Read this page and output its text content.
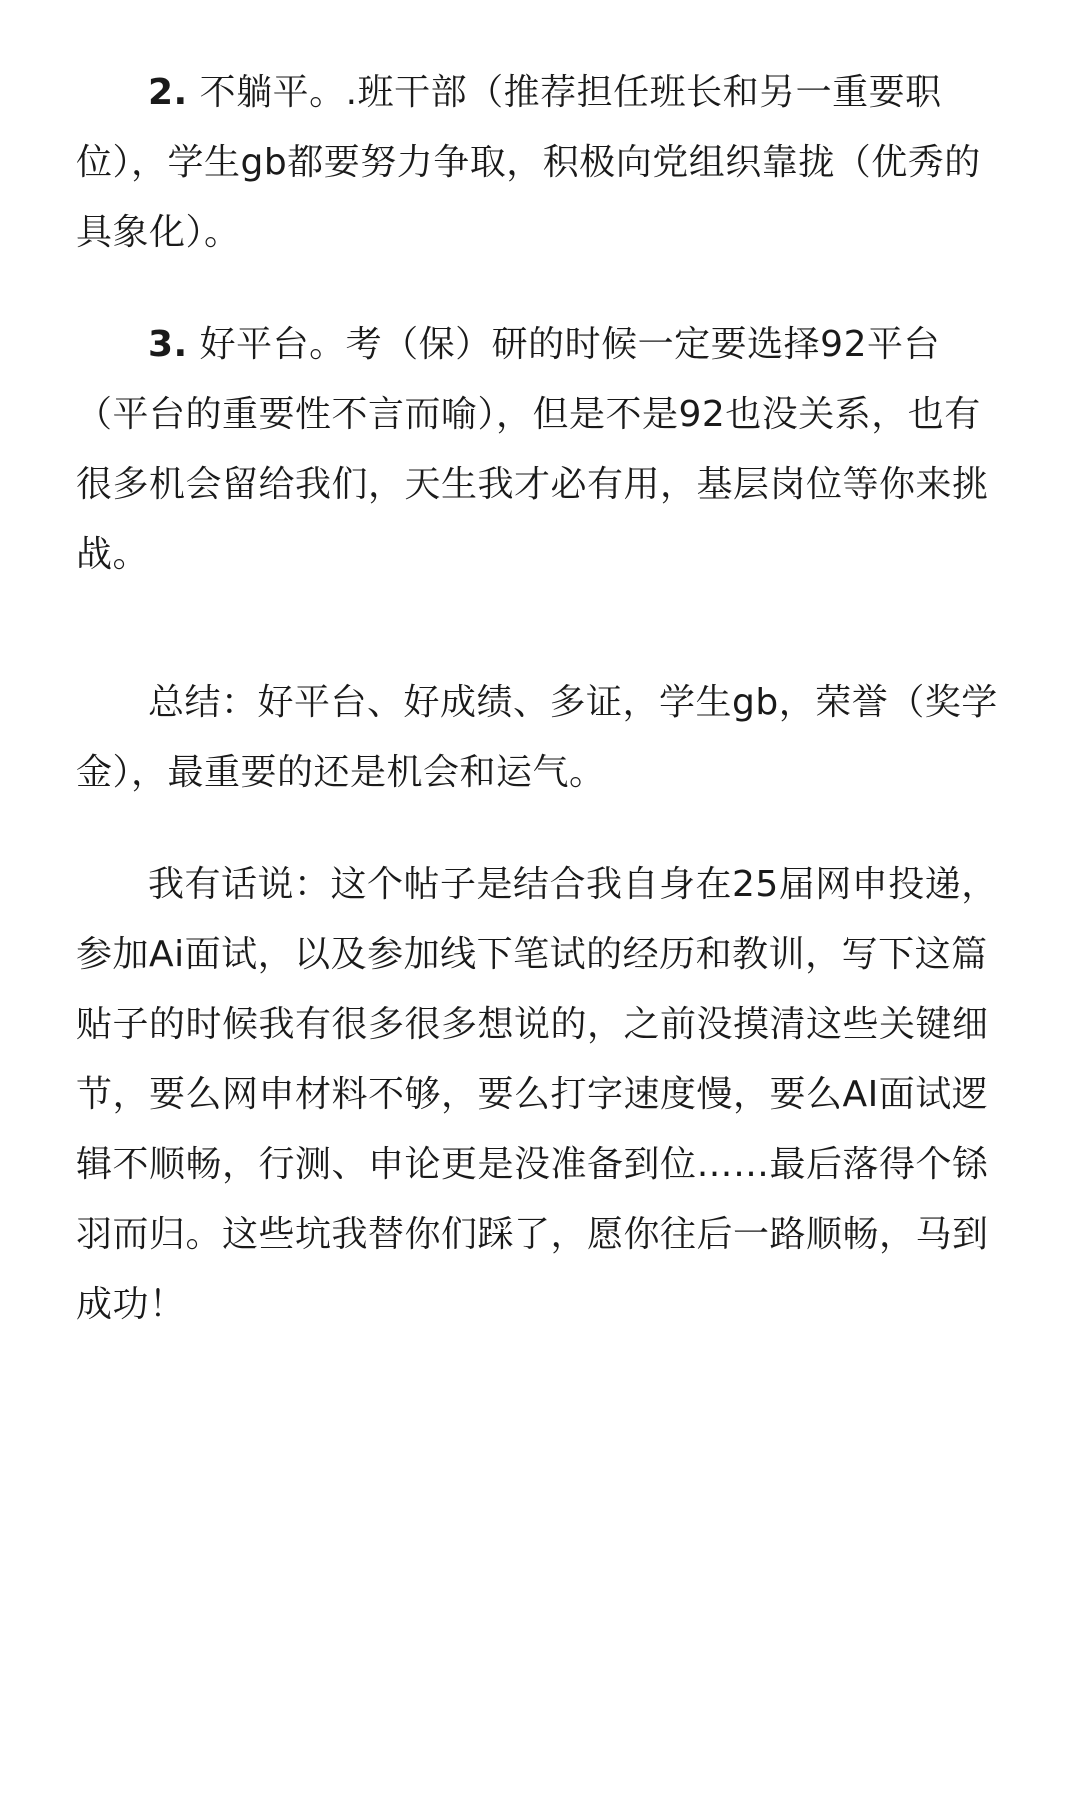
2. 不躺平。.班干部（推荐担任班长和另一重要职位），学生gb都要努力争取，积极向党组织靠拢（优秀的具象化）。

3. 好平台。考（保）研的时候一定要选择92平台（平台的重要性不言而喻），但是不是92也没关系，也有很多机会留给我们，天生我才必有用，基层岗位等你来挑战。

总结：好平台、好成绩、多证，学生gb，荣誉（奖学金），最重要的还是机会和运气。

我有话说：这个帖子是结合我自身在25届网申投递，参加Ai面试，以及参加线下笔试的经历和教训，写下这篇贴子的时候我有很多很多想说的，之前没摸清这些关键细节，要么网申材料不够，要么打字速度慢，要么AI面试逻辑不顺畅，行测、申论更是没准备到位……最后落得个铩羽而归。这些坑我替你们踩了，愿你往后一路顺畅，马到成功！
